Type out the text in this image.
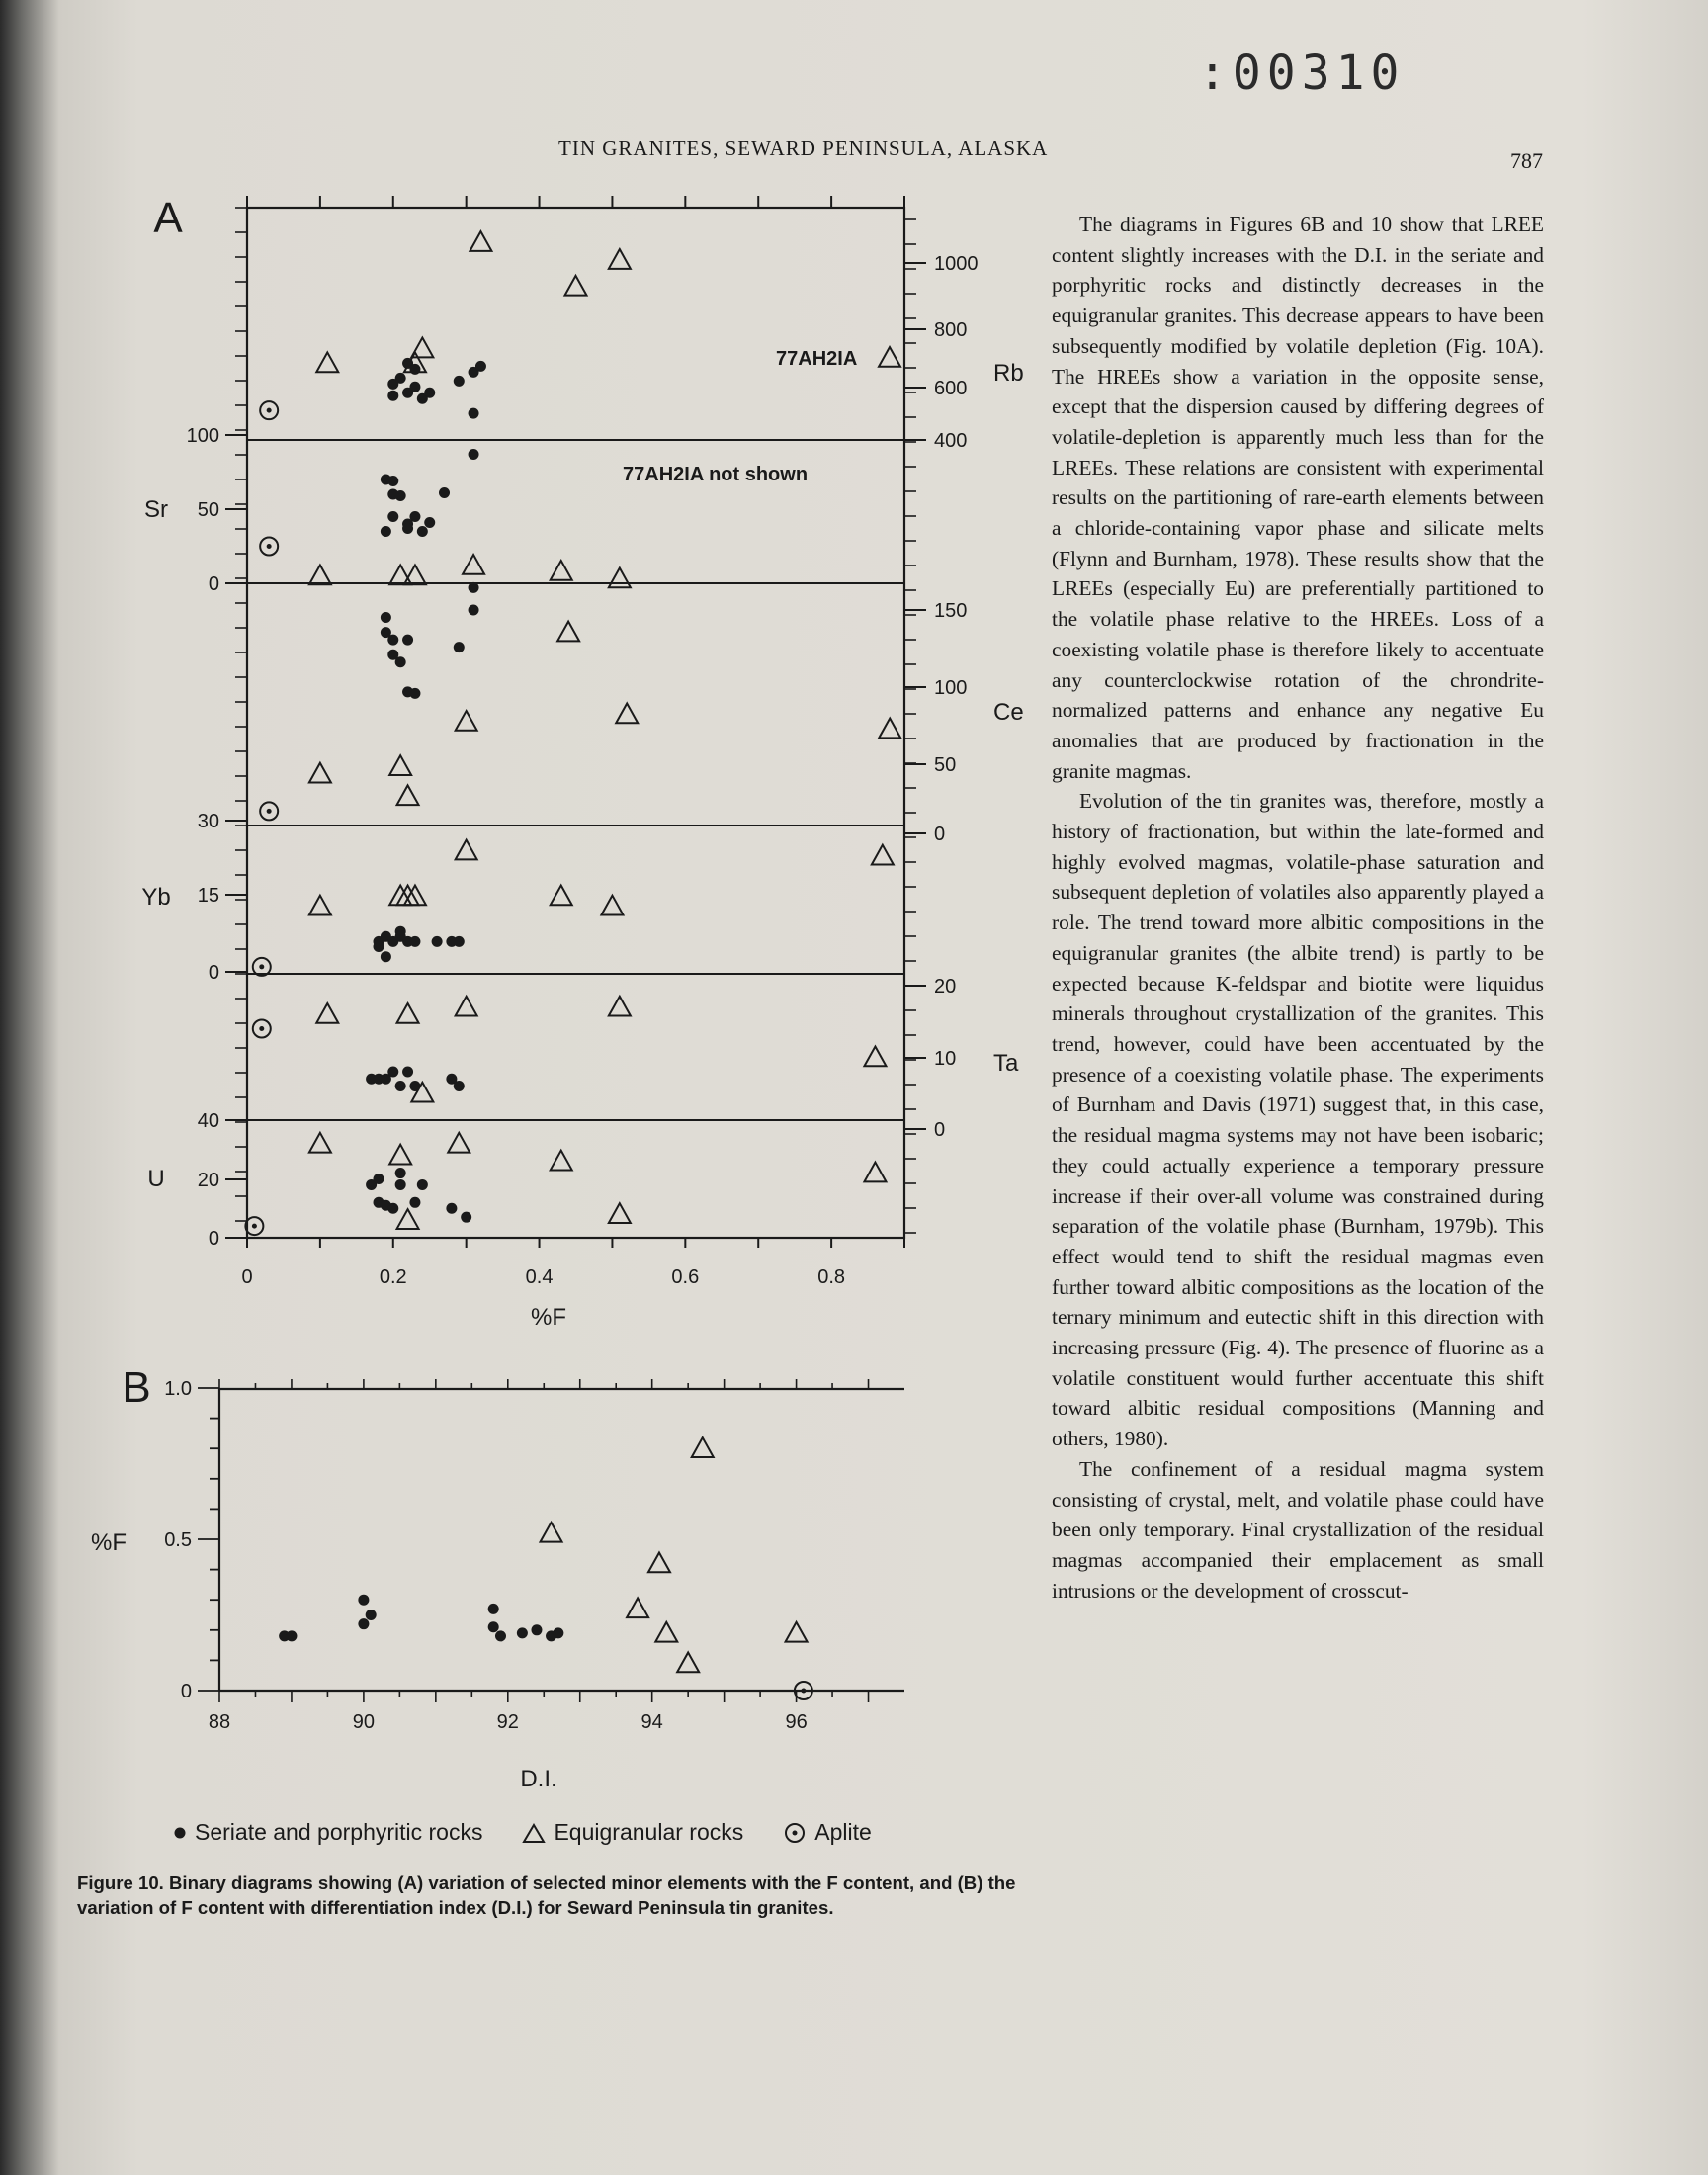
:00310
TIN GRANITES, SEWARD PENINSULA, ALASKA	787
0	0.2	0.4	0.6	0.8
%F
A
400
600
800
1000
Rb
0
50
100
Sr
0
50
100
150
Ce
0
15
30
Yb
0
10
20
Ta
0
20
40
U
77AH2IA
77AH2IA not shown
0
0.5
1.0
88	90	92	94	96
%F
D.I.
B
Seriate and porphyritic rocks	Equigranular rocks	Aplite
Figure 10. Binary diagrams showing (A) variation of selected minor elements with the F content, and (B) the variation of F content with differentiation index (D.I.) for Seward Peninsula tin granites.

The diagrams in Figures 6B and 10 show that LREE content slightly increases with the D.I. in the seriate and porphyritic rocks and distinctly decreases in the equigranular granites. This decrease appears to have been subsequently modified by volatile depletion (Fig. 10A). The HREEs show a variation in the opposite sense, except that the dispersion caused by differing degrees of volatile-depletion is apparently much less than for the LREEs. These relations are consistent with experimental results on the partitioning of rare-earth elements between a chloride-containing vapor phase and silicate melts (Flynn and Burnham, 1978). These results show that the LREEs (especially Eu) are preferentially partitioned to the volatile phase relative to the HREEs. Loss of a coexisting volatile phase is therefore likely to accentuate any counterclockwise rotation of the chrondrite-normalized patterns and enhance any negative Eu anomalies that are produced by fractionation in the granite magmas.

Evolution of the tin granites was, therefore, mostly a history of fractionation, but within the late-formed and highly evolved magmas, volatile-phase saturation and subsequent depletion of volatiles also apparently played a role. The trend toward more albitic compositions in the equigranular granites (the albite trend) is partly to be expected because K-feldspar and biotite were liquidus minerals throughout crystallization of the granites. This trend, however, could have been accentuated by the presence of a coexisting volatile phase. The experiments of Burnham and Davis (1971) suggest that, in this case, the residual magma systems may not have been isobaric; they could actually experience a temporary pressure increase if their over-all volume was constrained during separation of the volatile phase (Burnham, 1979b). This effect would tend to shift the residual magmas even further toward albitic compositions as the location of the ternary minimum and eutectic shift in this direction with increasing pressure (Fig. 4). The presence of fluorine as a volatile constituent would further accentuate this shift toward albitic residual compositions (Manning and others, 1980).

The confinement of a residual magma system consisting of crystal, melt, and volatile phase could have been only temporary. Final crystallization of the residual magmas accompanied their emplacement as small intrusions or the development of crosscut-
